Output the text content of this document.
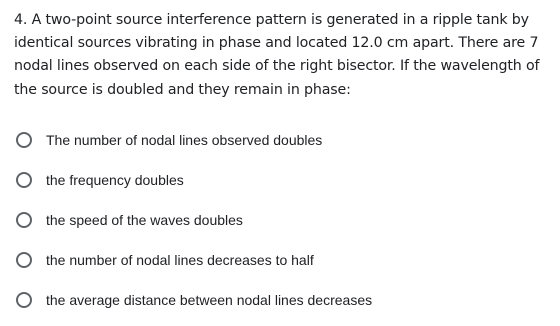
4. A two-point source interference pattern is generated in a ripple tank by identical sources vibrating in phase and located 12.0 cm apart. There are 7 nodal lines observed on each side of the right bisector. If the wavelength of the source is doubled and they remain in phase:

The number of nodal lines observed doubles
the frequency doubles
the speed of the waves doubles
the number of nodal lines decreases to half
the average distance between nodal lines decreases
